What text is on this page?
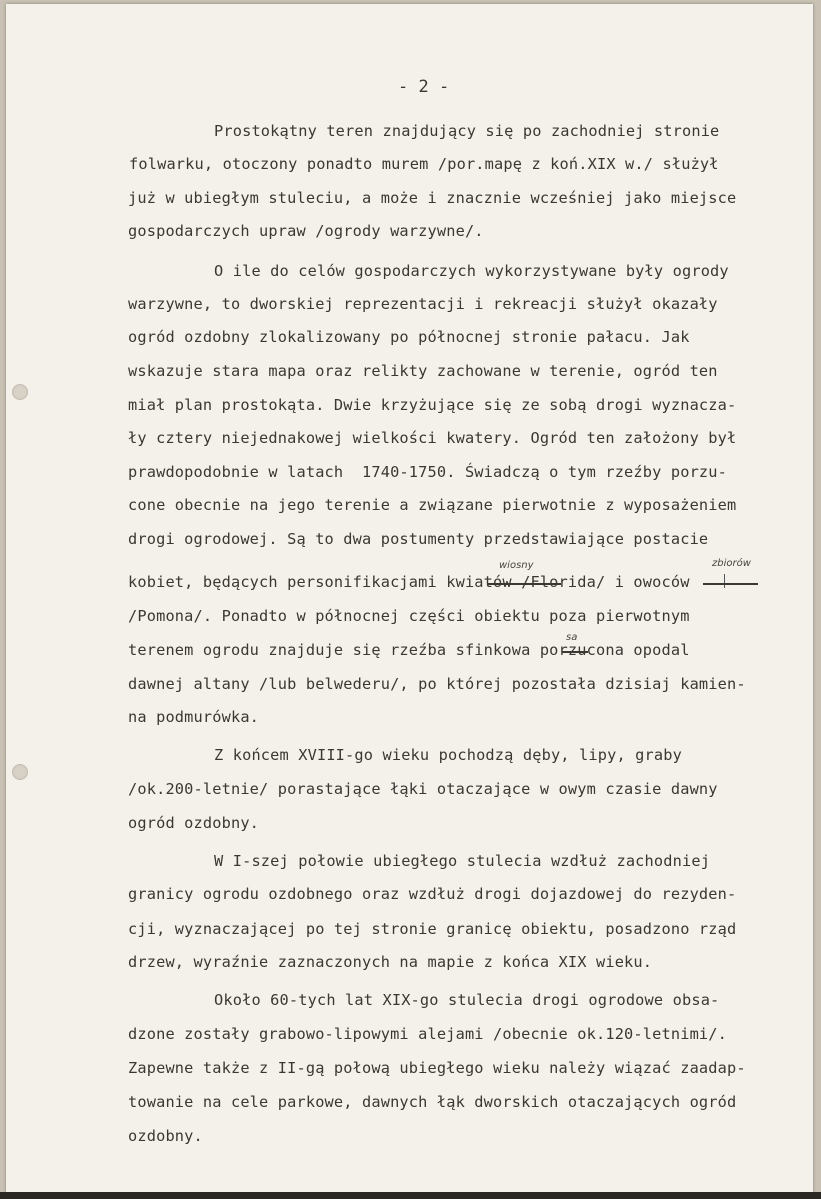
- 2 -

Prostokątny teren znajdujący się po zachodniej stronie

folwarku, otoczony ponadto murem /por.mapę z koń.XIX w./ służył

już w ubiegłym stuleciu, a może i znacznie wcześniej jako miejsce

gospodarczych upraw /ogrody warzywne/.

O ile do celów gospodarczych wykorzystywane były ogrody

warzywne, to dworskiej reprezentacji i rekreacji służył okazały

ogród ozdobny zlokalizowany po północnej stronie pałacu. Jak

wskazuje stara mapa oraz relikty zachowane w terenie, ogród ten

miał plan prostokąta. Dwie krzyżujące się ze sobą drogi wyznacza-

ły cztery niejednakowej wielkości kwatery. Ogród ten założony był

prawdopodobnie w latach  1740-1750. Świadczą o tym rzeźby porzu-

cone obecnie na jego terenie a związane pierwotnie z wyposażeniem

drogi ogrodowej. Są to dwa postumenty przedstawiające postacie

wiosny	zbiorów

kobiet, będących personifikacjami kwiatów /Florida/ i owoców

/Pomona/. Ponadto w północnej części obiektu poza pierwotnym

sa

terenem ogrodu znajduje się rzeźba sfinkowa porzucona opodal

dawnej altany /lub belwederu/, po której pozostała dzisiaj kamien-

na podmurówka.

Z końcem XVIII-go wieku pochodzą dęby, lipy, graby

/ok.200-letnie/ porastające łąki otaczające w owym czasie dawny

ogród ozdobny.

W I-szej połowie ubiegłego stulecia wzdłuż zachodniej

granicy ogrodu ozdobnego oraz wzdłuż drogi dojazdowej do rezyden-

cji, wyznaczającej po tej stronie granicę obiektu, posadzono rząd

drzew, wyraźnie zaznaczonych na mapie z końca XIX wieku.

Około 60-tych lat XIX-go stulecia drogi ogrodowe obsa-

dzone zostały grabowo-lipowymi alejami /obecnie ok.120-letnimi/.

Zapewne także z II-gą połową ubiegłego wieku należy wiązać zaadap-

towanie na cele parkowe, dawnych łąk dworskich otaczających ogród

ozdobny.
